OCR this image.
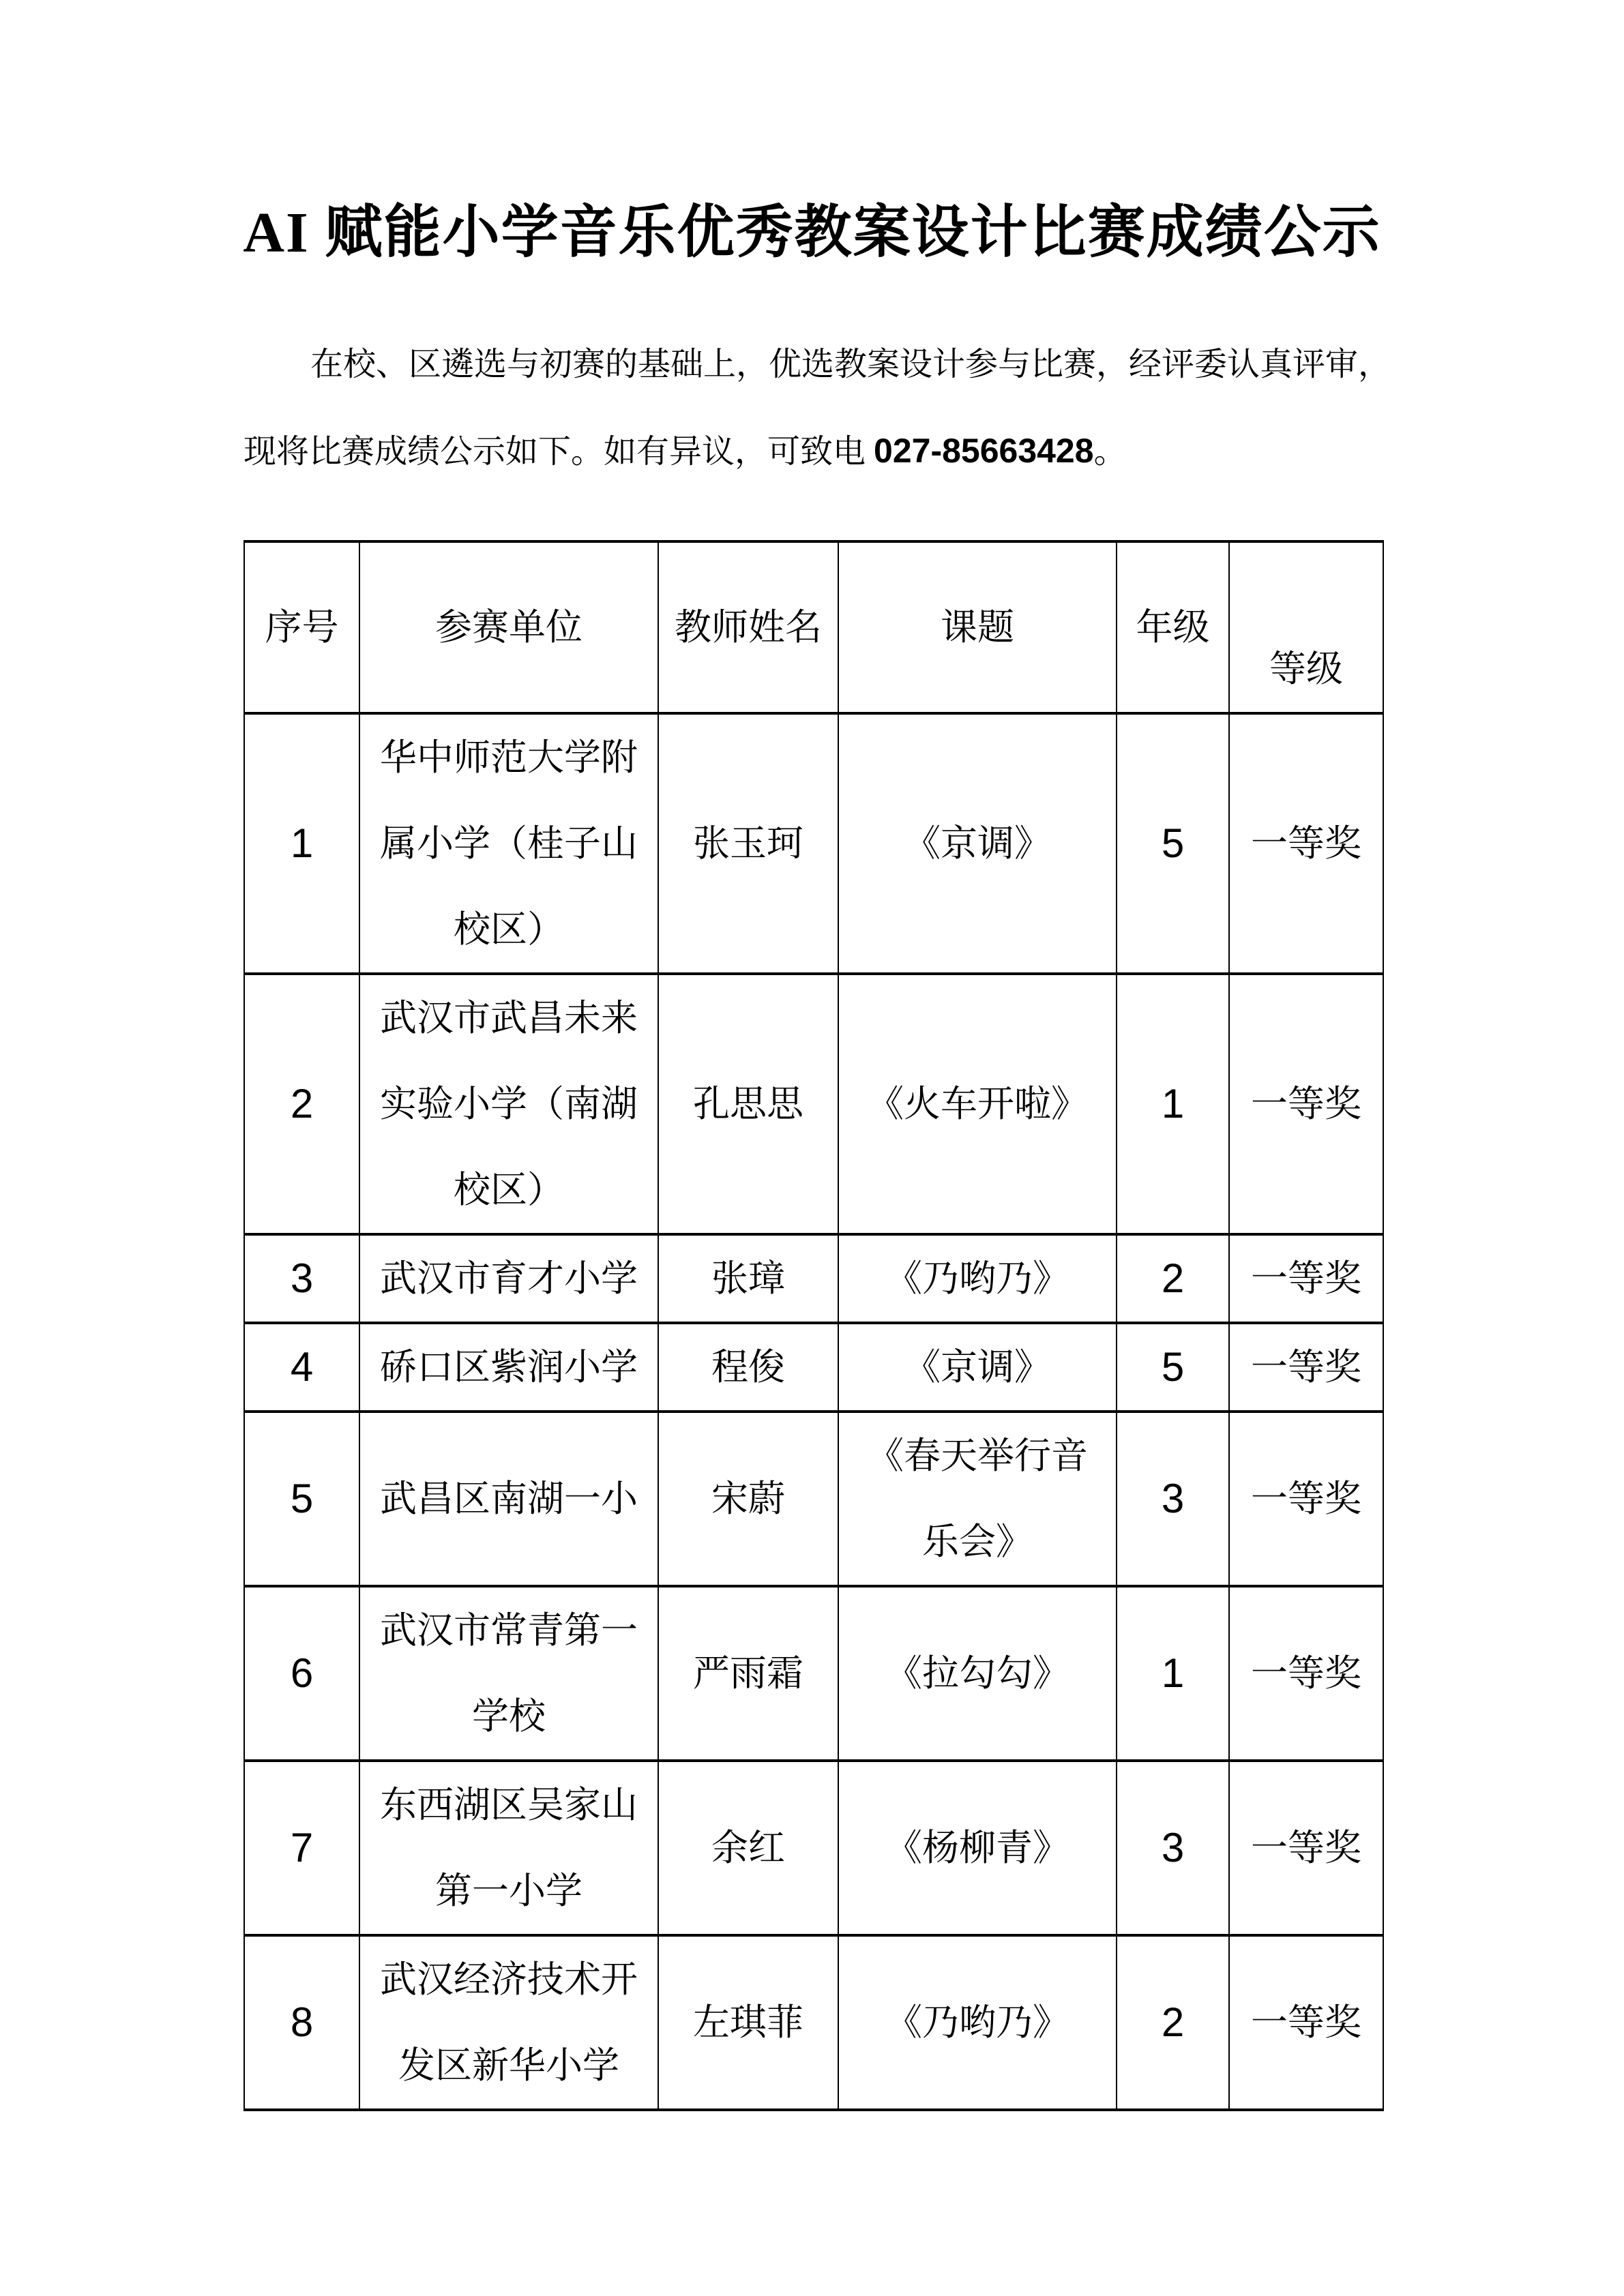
AI 赋能小学音乐优秀教案设计比赛成绩公示
在校、区遴选与初赛的基础上，优选教案设计参与比赛，经评委认真评审，
现将比赛成绩公示如下。如有异议，可致电 027-85663428。
序号	参赛单位	教师姓名	课题	年级	等级
1	华中师范大学附属小学（桂子山校区）	张玉珂	《京调》	5	一等奖
2	武汉市武昌未来实验小学（南湖校区）	孔思思	《火车开啦》	1	一等奖
3	武汉市育才小学	张璋	《乃哟乃》	2	一等奖
4	硚口区紫润小学	程俊	《京调》	5	一等奖
5	武昌区南湖一小	宋蔚	《春天举行音乐会》	3	一等奖
6	武汉市常青第一学校	严雨霜	《拉勾勾》	1	一等奖
7	东西湖区吴家山第一小学	余红	《杨柳青》	3	一等奖
8	武汉经济技术开发区新华小学	左琪菲	《乃哟乃》	2	一等奖
